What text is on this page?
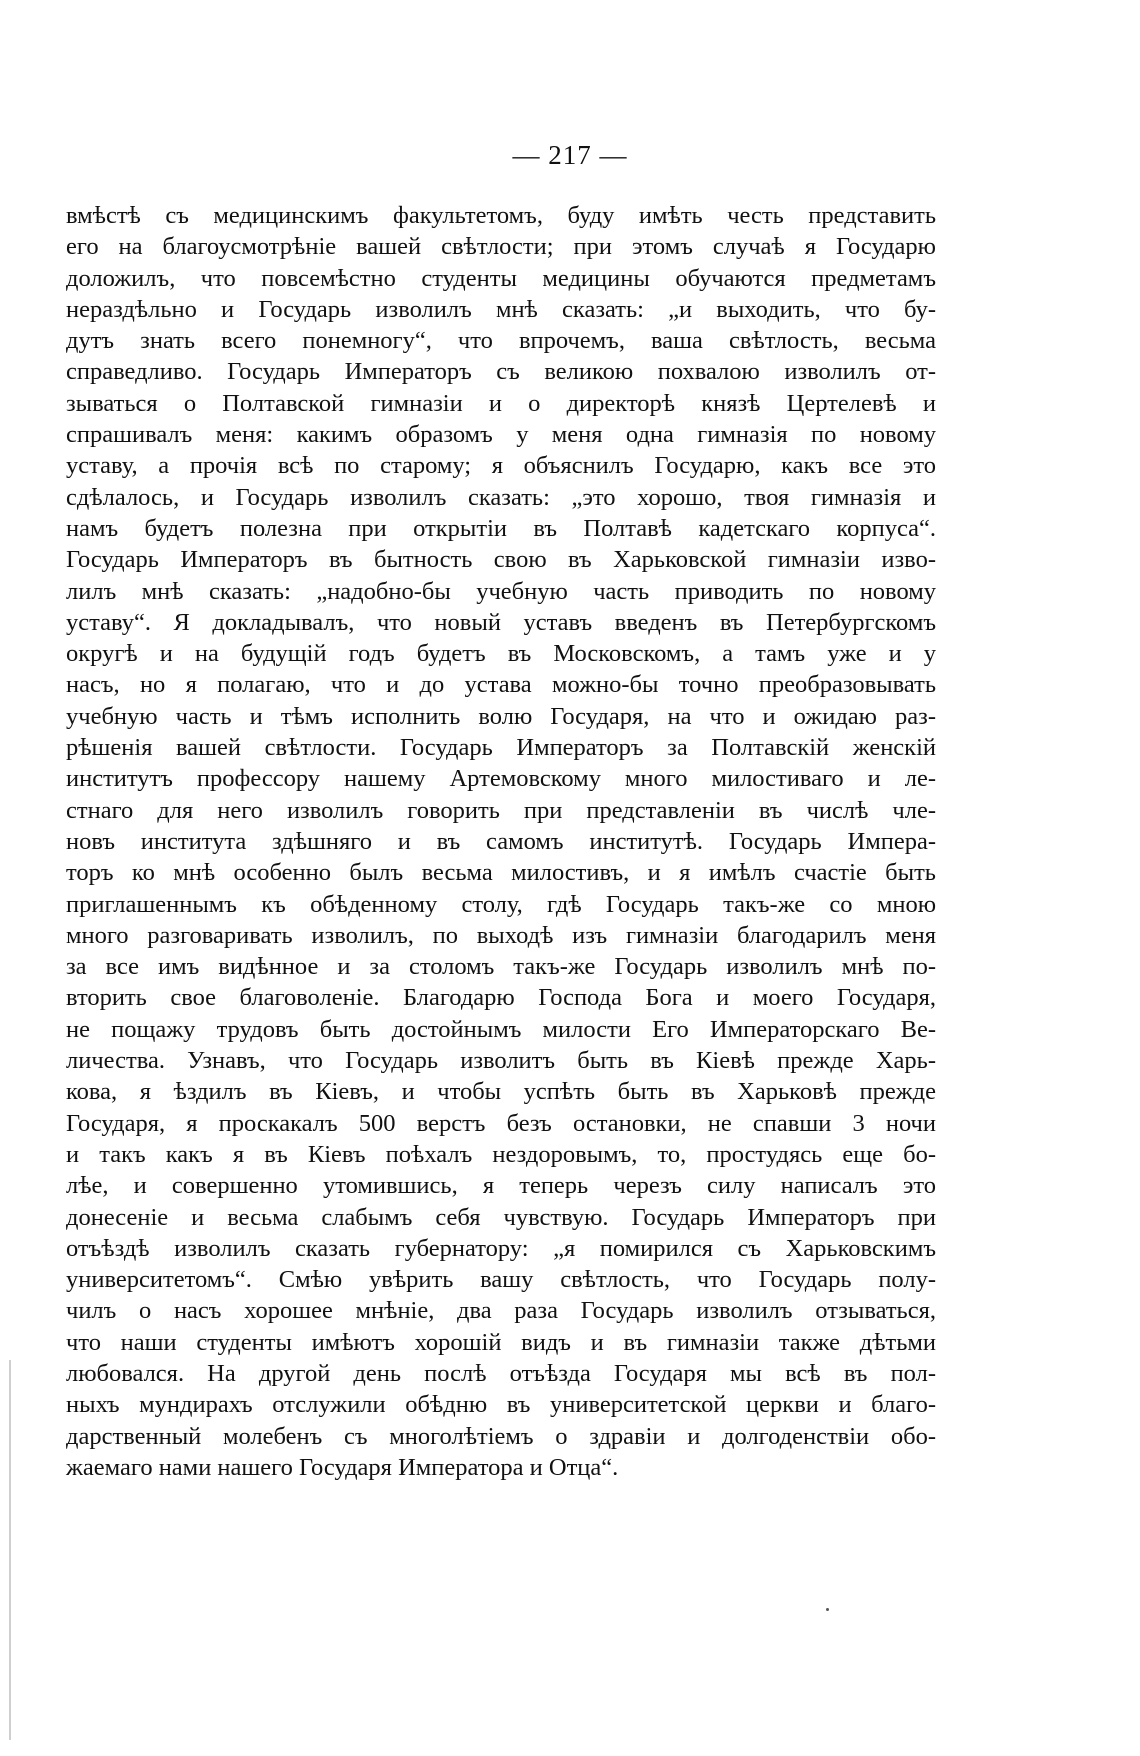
— 217 —
вмѣстѣ съ медицинскимъ факультетомъ, буду имѣть честь представить
его на благоусмотрѣніе вашей свѣтлости; при этомъ случаѣ я Государю
доложилъ, что повсемѣстно студенты медицины обучаются предметамъ
нераздѣльно и Государь изволилъ мнѣ сказать: „и выходить, что бу-
дутъ знать всего понемногу“, что впрочемъ, ваша свѣтлость, весьма
справедливо. Государь Императоръ съ великою похвалою изволилъ от-
зываться о Полтавской гимназіи и о директорѣ князѣ Цертелевѣ и
спрашивалъ меня: какимъ образомъ у меня одна гимназія по новому
уставу, а прочія всѣ по старому; я объяснилъ Государю, какъ все это
сдѣлалось, и Государь изволилъ сказать: „это хорошо, твоя гимназія и
намъ будетъ полезна при открытіи въ Полтавѣ кадетскаго корпуса“.
Государь Императоръ въ бытность свою въ Харьковской гимназіи изво-
лилъ мнѣ сказать: „надобно-бы учебную часть приводить по новому
уставу“. Я докладывалъ, что новый уставъ введенъ въ Петербургскомъ
округѣ и на будущій годъ будетъ въ Московскомъ, а тамъ уже и у
насъ, но я полагаю, что и до устава можно-бы точно преобразовывать
учебную часть и тѣмъ исполнить волю Государя, на что и ожидаю раз-
рѣшенія вашей свѣтлости. Государь Императоръ за Полтавскій женскій
институтъ профессору нашему Артемовскому много милостиваго и ле-
стнаго для него изволилъ говорить при представленіи въ числѣ чле-
новъ института здѣшняго и въ самомъ институтѣ. Государь Импера-
торъ ко мнѣ особенно былъ весьма милостивъ, и я имѣлъ счастіе быть
приглашеннымъ къ обѣденному столу, гдѣ Государь такъ-же со мною
много разговаривать изволилъ, по выходѣ изъ гимназіи благодарилъ меня
за все имъ видѣнное и за столомъ такъ-же Государь изволилъ мнѣ по-
вторить свое благоволеніе. Благодарю Господа Бога и моего Государя,
не пощажу трудовъ быть достойнымъ милости Его Императорскаго Ве-
личества. Узнавъ, что Государь изволитъ быть въ Кіевѣ прежде Харь-
кова, я ѣздилъ въ Кіевъ, и чтобы успѣть быть въ Харьковѣ прежде
Государя, я проскакалъ 500 верстъ безъ остановки, не спавши 3 ночи
и такъ какъ я въ Кіевъ поѣхалъ нездоровымъ, то, простудясь еще бо-
лѣе, и совершенно утомившись, я теперь черезъ силу написалъ это
донесеніе и весьма слабымъ себя чувствую. Государь Императоръ при
отъѣздѣ изволилъ сказать губернатору: „я помирился съ Харьковскимъ
университетомъ“. Смѣю увѣрить вашу свѣтлость, что Государь полу-
чилъ о насъ хорошее мнѣніе, два раза Государь изволилъ отзываться,
что наши студенты имѣютъ хорошій видъ и въ гимназіи также дѣтьми
любовался. На другой день послѣ отъѣзда Государя мы всѣ въ пол-
ныхъ мундирахъ отслужили обѣдню въ университетской церкви и благо-
дарственный молебенъ съ многолѣтіемъ о здравіи и долгоденствіи обо-
жаемаго нами нашего Государя Императора и Отца“.
